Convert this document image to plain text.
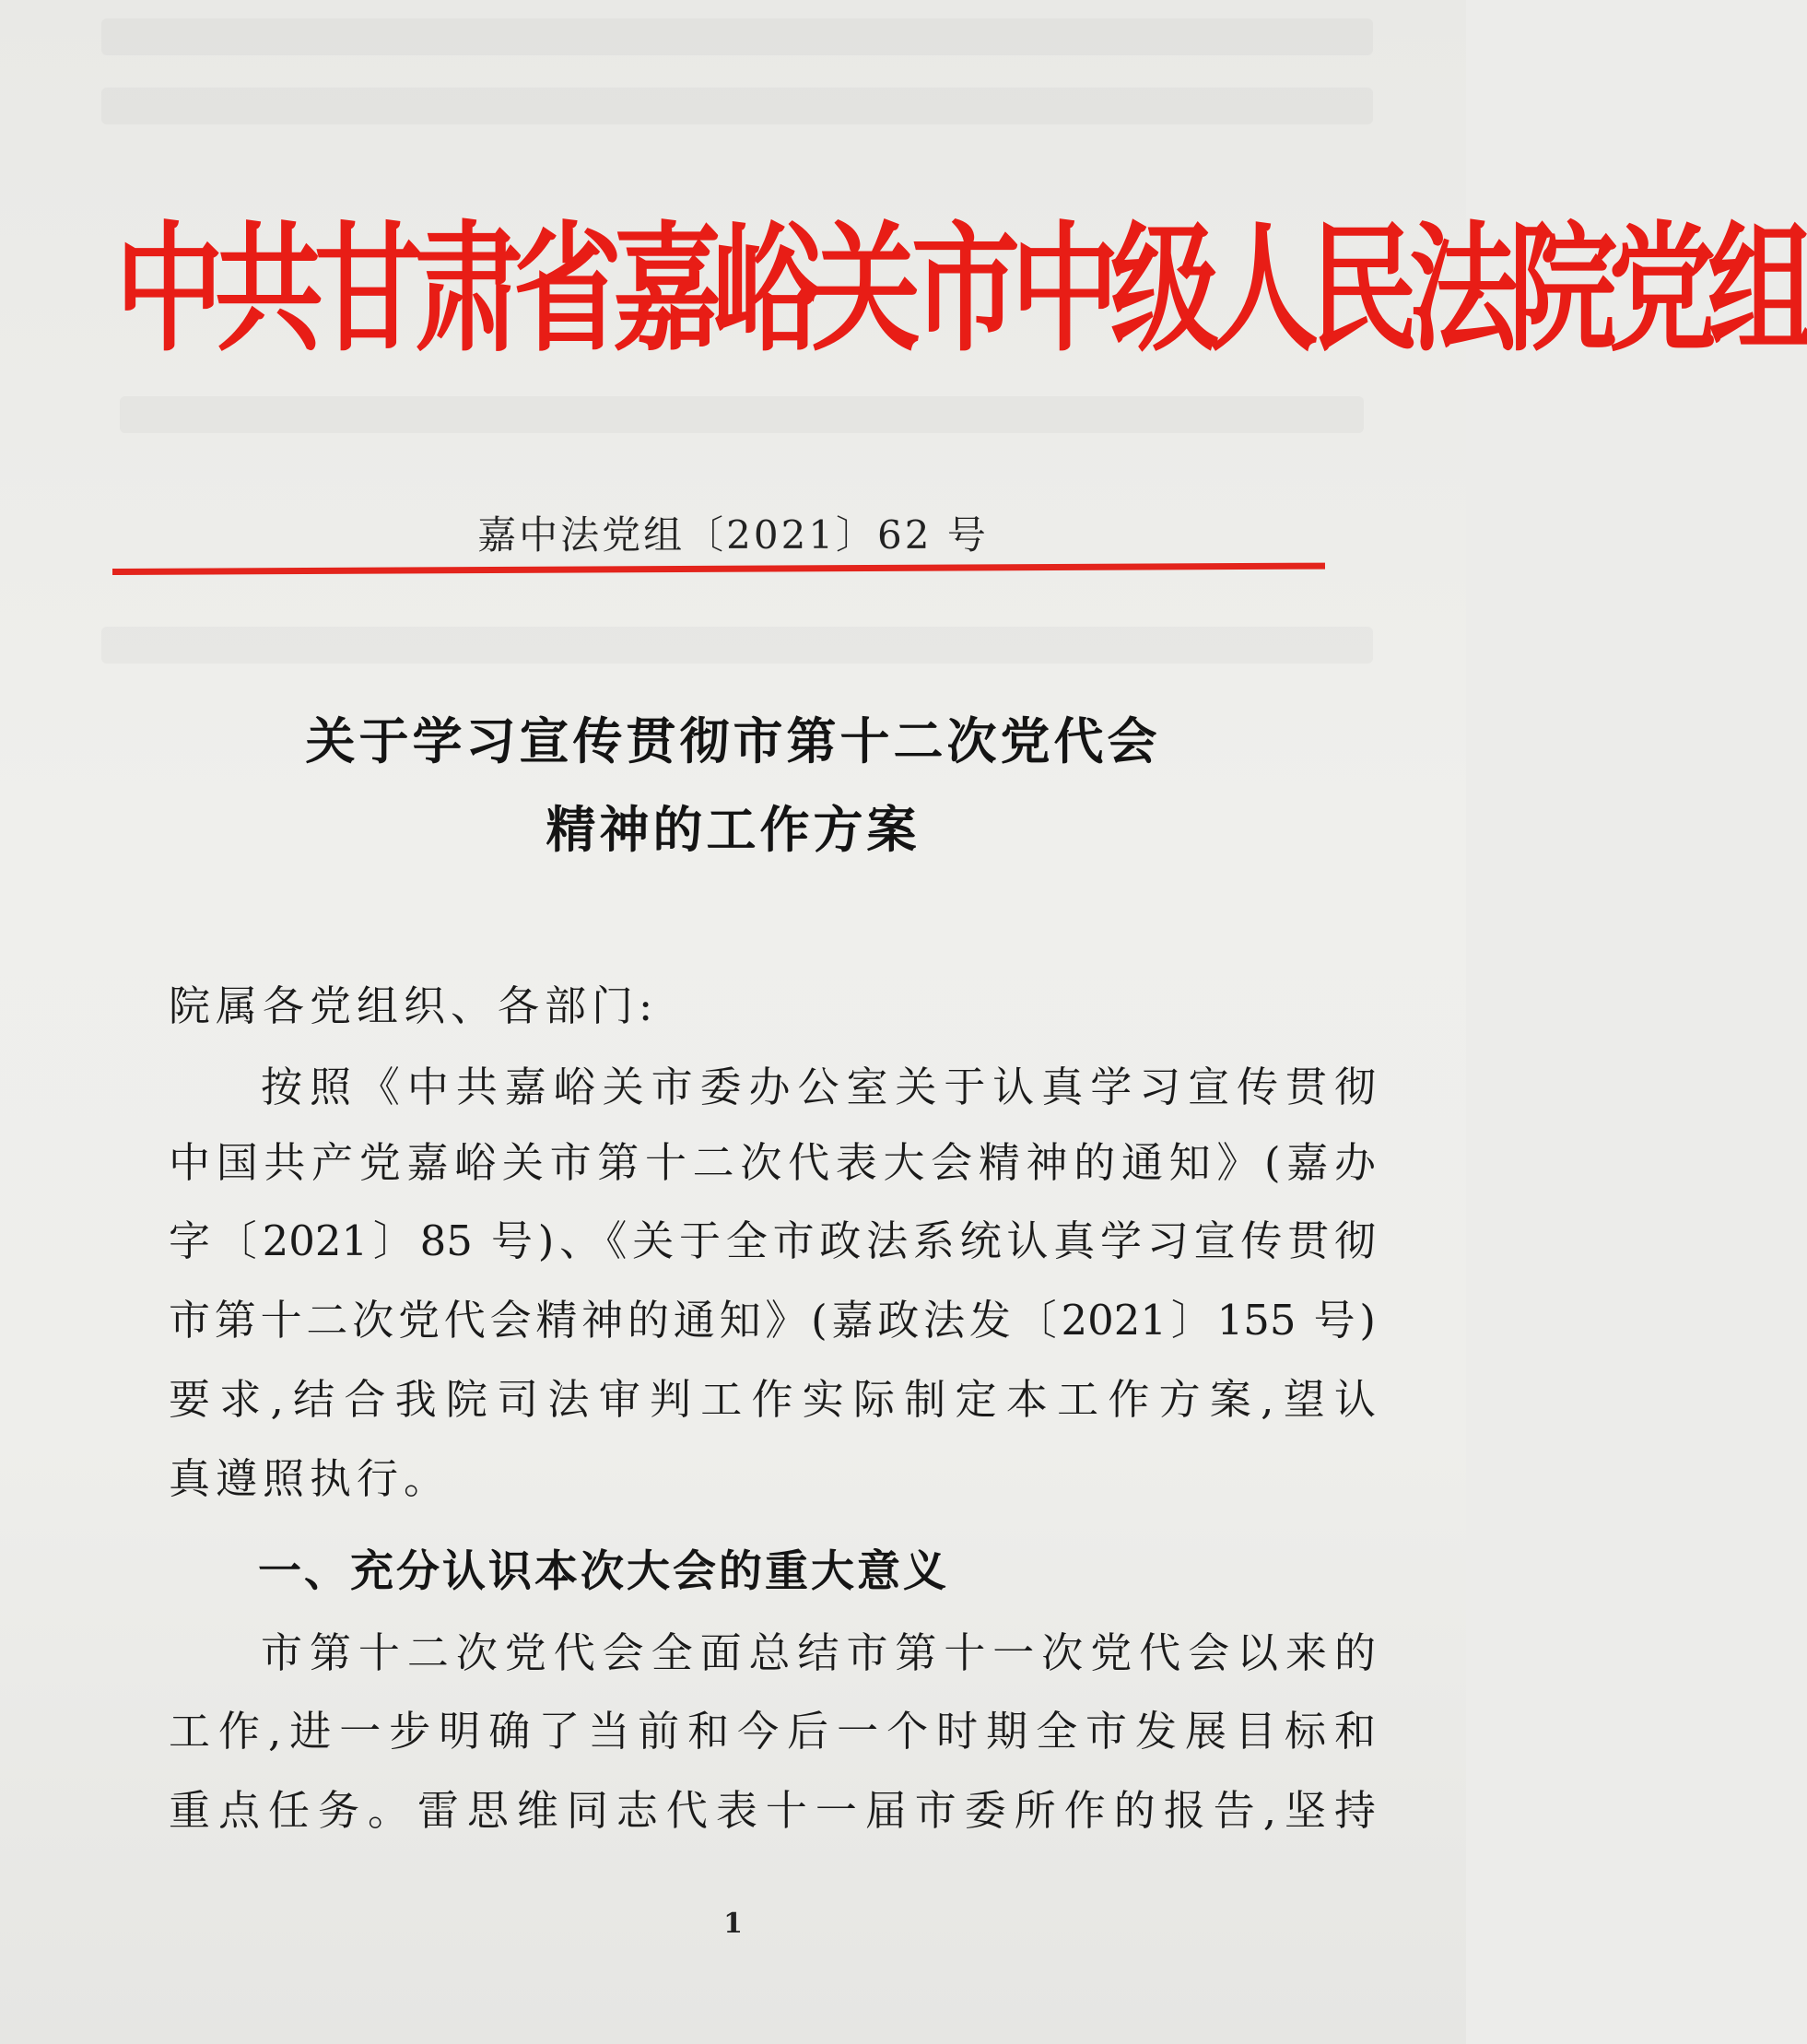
中共甘肃省嘉峪关市中级人民法院党组
嘉中法党组〔2021〕62 号
关于学习宣传贯彻市第十二次党代会
精神的工作方案
院属各党组织、各部门:
按照《中共嘉峪关市委办公室关于认真学习宣传贯彻
中国共产党嘉峪关市第十二次代表大会精神的通知》(嘉办
字〔2021〕85 号)、《关于全市政法系统认真学习宣传贯彻
市第十二次党代会精神的通知》(嘉政法发〔2021〕155 号)
要求,结合我院司法审判工作实际制定本工作方案,望认
真遵照执行。
一、充分认识本次大会的重大意义
市第十二次党代会全面总结市第十一次党代会以来的
工作,进一步明确了当前和今后一个时期全市发展目标和
重点任务。雷思维同志代表十一届市委所作的报告,坚持
1
